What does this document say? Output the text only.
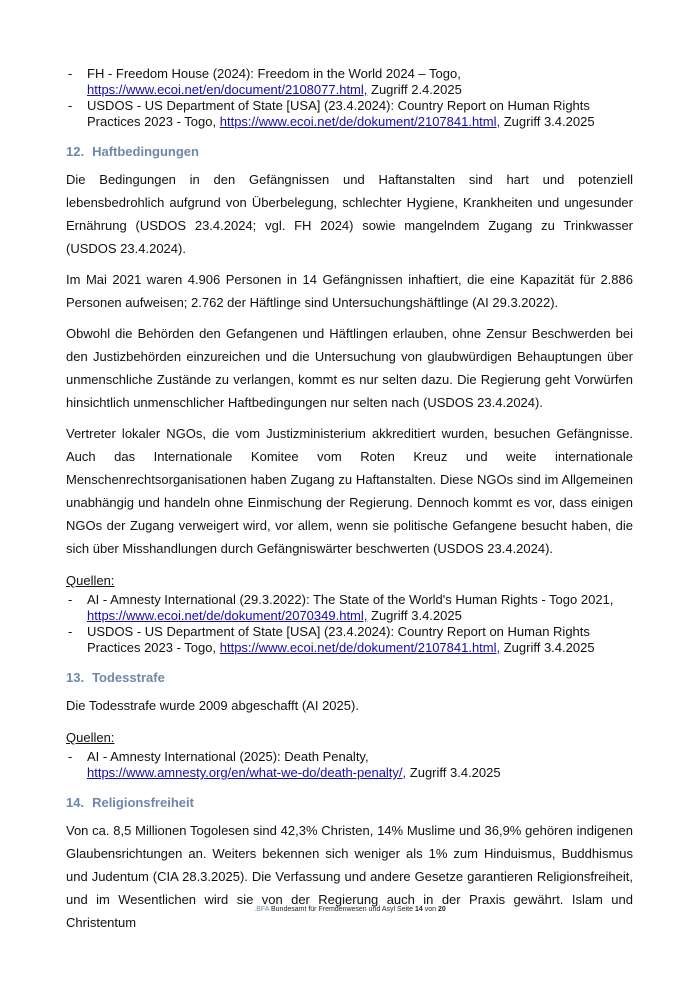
- FH - Freedom House (2024): Freedom in the World 2024 – Togo,
https://www.ecoi.net/en/document/2108077.html, Zugriff 2.4.2025
- USDOS - US Department of State [USA] (23.4.2024): Country Report on Human Rights Practices 2023 - Togo, https://www.ecoi.net/de/dokument/2107841.html, Zugriff 3.4.2025
12. Haftbedingungen

Die Bedingungen in den Gefängnissen und Haftanstalten sind hart und potenziell lebensbedrohlich aufgrund von Überbelegung, schlechter Hygiene, Krankheiten und ungesunder Ernährung (USDOS 23.4.2024; vgl. FH 2024) sowie mangelndem Zugang zu Trinkwasser (USDOS 23.4.2024).

Im Mai 2021 waren 4.906 Personen in 14 Gefängnissen inhaftiert, die eine Kapazität für 2.886 Personen aufweisen; 2.762 der Häftlinge sind Untersuchungshäftlinge (AI 29.3.2022).

Obwohl die Behörden den Gefangenen und Häftlingen erlauben, ohne Zensur Beschwerden bei den Justizbehörden einzureichen und die Untersuchung von glaubwürdigen Behauptungen über unmenschliche Zustände zu verlangen, kommt es nur selten dazu. Die Regierung geht Vorwürfen hinsichtlich unmenschlicher Haftbedingungen nur selten nach (USDOS 23.4.2024).

Vertreter lokaler NGOs, die vom Justizministerium akkreditiert wurden, besuchen Gefängnisse. Auch das Internationale Komitee vom Roten Kreuz und weite internationale Menschenrechtsorganisationen haben Zugang zu Haftanstalten. Diese NGOs sind im Allgemeinen unabhängig und handeln ohne Einmischung der Regierung. Dennoch kommt es vor, dass einigen NGOs der Zugang verweigert wird, vor allem, wenn sie politische Gefangene besucht haben, die sich über Misshandlungen durch Gefängniswärter beschwerten (USDOS 23.4.2024).

Quellen:
- AI - Amnesty International (29.3.2022): The State of the World's Human Rights - Togo 2021, https://www.ecoi.net/de/dokument/2070349.html, Zugriff 3.4.2025
- USDOS - US Department of State [USA] (23.4.2024): Country Report on Human Rights Practices 2023 - Togo, https://www.ecoi.net/de/dokument/2107841.html, Zugriff 3.4.2025
13. Todesstrafe

Die Todesstrafe wurde 2009 abgeschafft (AI 2025).

Quellen:
- AI - Amnesty International (2025): Death Penalty,
https://www.amnesty.org/en/what-we-do/death-penalty/, Zugriff 3.4.2025
14. Religionsfreiheit

Von ca. 8,5 Millionen Togolesen sind 42,3% Christen, 14% Muslime und 36,9% gehören indigenen Glaubensrichtungen an. Weiters bekennen sich weniger als 1% zum Hinduismus, Buddhismus und Judentum (CIA 28.3.2025). Die Verfassung und andere Gesetze garantieren Religionsfreiheit, und im Wesentlichen wird sie von der Regierung auch in der Praxis gewährt. Islam und Christentum

.BFA Bundesamt für Fremdenwesen und Asyl Seite 14 von 20
